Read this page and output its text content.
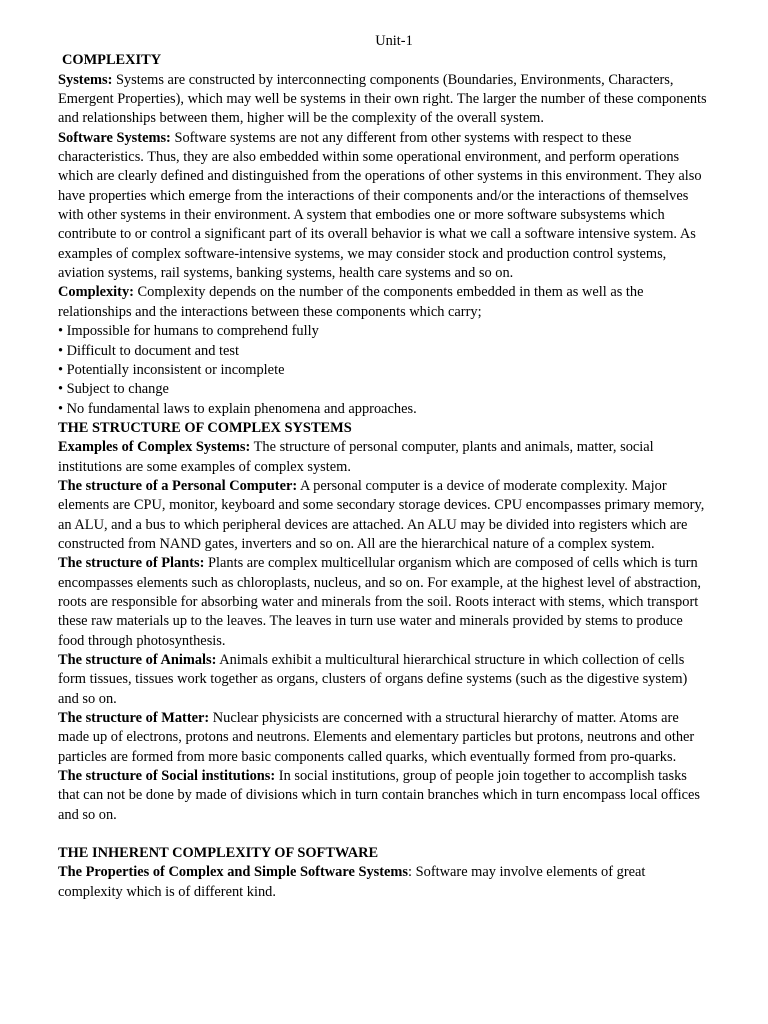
Unit-1

COMPLEXITY

Systems: Systems are constructed by interconnecting components (Boundaries, Environments, Characters, Emergent Properties), which may well be systems in their own right. The larger the number of these components and relationships between them, higher will be the complexity of the overall system.

Software Systems: Software systems are not any different from other systems with respect to these characteristics. Thus, they are also embedded within some operational environment, and perform operations which are clearly defined and distinguished from the operations of other systems in this environment. They also have properties which emerge from the interactions of their components and/or the interactions of themselves with other systems in their environment. A system that embodies one or more software subsystems which contribute to or control a significant part of its overall behavior is what we call a software intensive system. As examples of complex software-intensive systems, we may consider stock and production control systems, aviation systems, rail systems, banking systems, health care systems and so on.

Complexity: Complexity depends on the number of the components embedded in them as well as the relationships and the interactions between these components which carry;

• Impossible for humans to comprehend fully
• Difficult to document and test
• Potentially inconsistent or incomplete
• Subject to change
• No fundamental laws to explain phenomena and approaches.

THE STRUCTURE OF COMPLEX SYSTEMS

Examples of Complex Systems: The structure of personal computer, plants and animals, matter, social institutions are some examples of complex system.

The structure of a Personal Computer: A personal computer is a device of moderate complexity. Major elements are CPU, monitor, keyboard and some secondary storage devices. CPU encompasses primary memory, an ALU, and a bus to which peripheral devices are attached. An ALU may be divided into registers which are constructed from NAND gates, inverters and so on. All are the hierarchical nature of a complex system.

The structure of Plants: Plants are complex multicellular organism which are composed of cells which is turn encompasses elements such as chloroplasts, nucleus, and so on. For example, at the highest level of abstraction, roots are responsible for absorbing water and minerals from the soil. Roots interact with stems, which transport these raw materials up to the leaves. The leaves in turn use water and minerals provided by stems to produce food through photosynthesis.

The structure of Animals: Animals exhibit a multicultural hierarchical structure in which collection of cells form tissues, tissues work together as organs, clusters of organs define systems (such as the digestive system) and so on.

The structure of Matter: Nuclear physicists are concerned with a structural hierarchy of matter. Atoms are made up of electrons, protons and neutrons. Elements and elementary particles but protons, neutrons and other particles are formed from more basic components called quarks, which eventually formed from pro-quarks.

The structure of Social institutions: In social institutions, group of people join together to accomplish tasks that can not be done by made of divisions which in turn contain branches which in turn encompass local offices and so on.

THE INHERENT COMPLEXITY OF SOFTWARE

The Properties of Complex and Simple Software Systems: Software may involve elements of great complexity which is of different kind.
